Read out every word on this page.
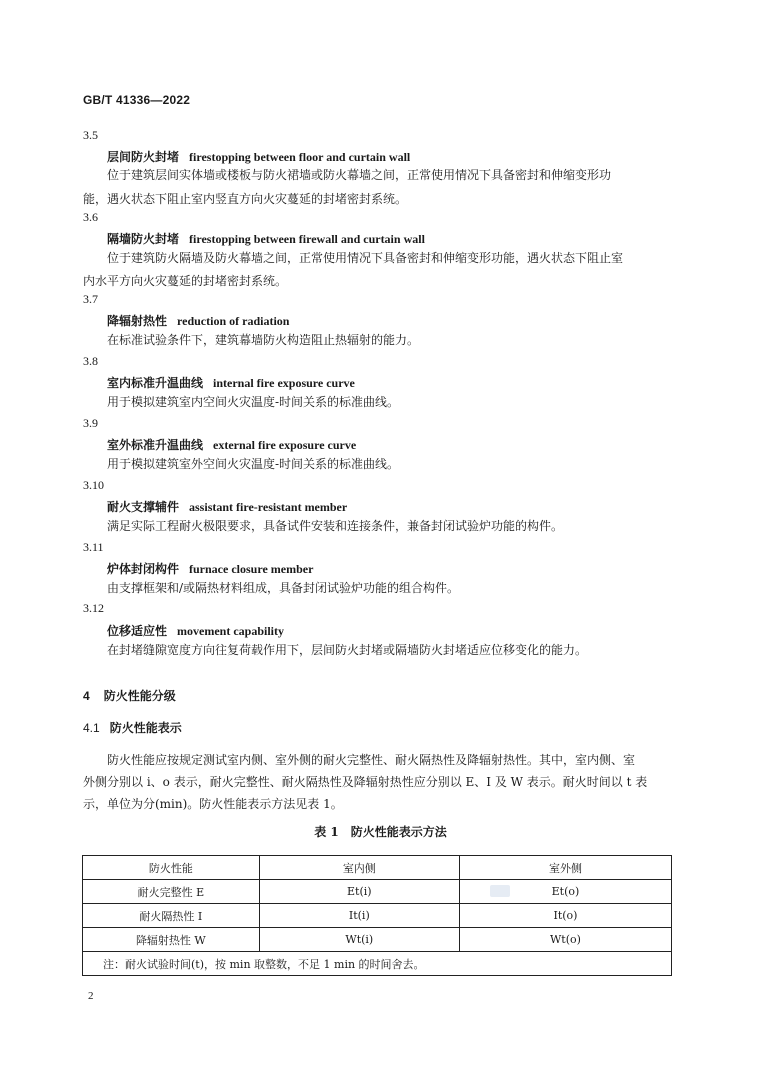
GB/T 41336—2022
3.5
层间防火封堵 firestopping between floor and curtain wall
位于建筑层间实体墙或楼板与防火裙墙或防火幕墙之间，正常使用情况下具备密封和伸缩变形功
能，遇火状态下阻止室内竖直方向火灾蔓延的封堵密封系统。
3.6
隔墙防火封堵 firestopping between firewall and curtain wall
位于建筑防火隔墙及防火幕墙之间，正常使用情况下具备密封和伸缩变形功能，遇火状态下阻止室
内水平方向火灾蔓延的封堵密封系统。
3.7
降辐射热性 reduction of radiation
在标准试验条件下，建筑幕墙防火构造阻止热辐射的能力。
3.8
室内标准升温曲线 internal fire exposure curve
用于模拟建筑室内空间火灾温度-时间关系的标准曲线。
3.9
室外标准升温曲线 external fire exposure curve
用于模拟建筑室外空间火灾温度-时间关系的标准曲线。
3.10
耐火支撑辅件 assistant fire-resistant member
满足实际工程耐火极限要求，具备试件安装和连接条件，兼备封闭试验炉功能的构件。
3.11
炉体封闭构件 furnace closure member
由支撑框架和/或隔热材料组成，具备封闭试验炉功能的组合构件。
3.12
位移适应性 movement capability
在封堵缝隙宽度方向往复荷载作用下，层间防火封堵或隔墙防火封堵适应位移变化的能力。
4 防火性能分级
4.1 防火性能表示
防火性能应按规定测试室内侧、室外侧的耐火完整性、耐火隔热性及降辐射热性。其中，室内侧、室
外侧分别以 i、o 表示，耐火完整性、耐火隔热性及降辐射热性应分别以 E、I 及 W 表示。耐火时间以 t 表
示，单位为分(min)。防火性能表示方法见表 1。
表 1　防火性能表示方法
防火性能	室内侧	室外侧
耐火完整性 E	Et(i)	Et(o)
耐火隔热性 I	It(i)	It(o)
降辐射热性 W	Wt(i)	Wt(o)
注：耐火试验时间(t)，按 min 取整数，不足 1 min 的时间舍去。		
2
